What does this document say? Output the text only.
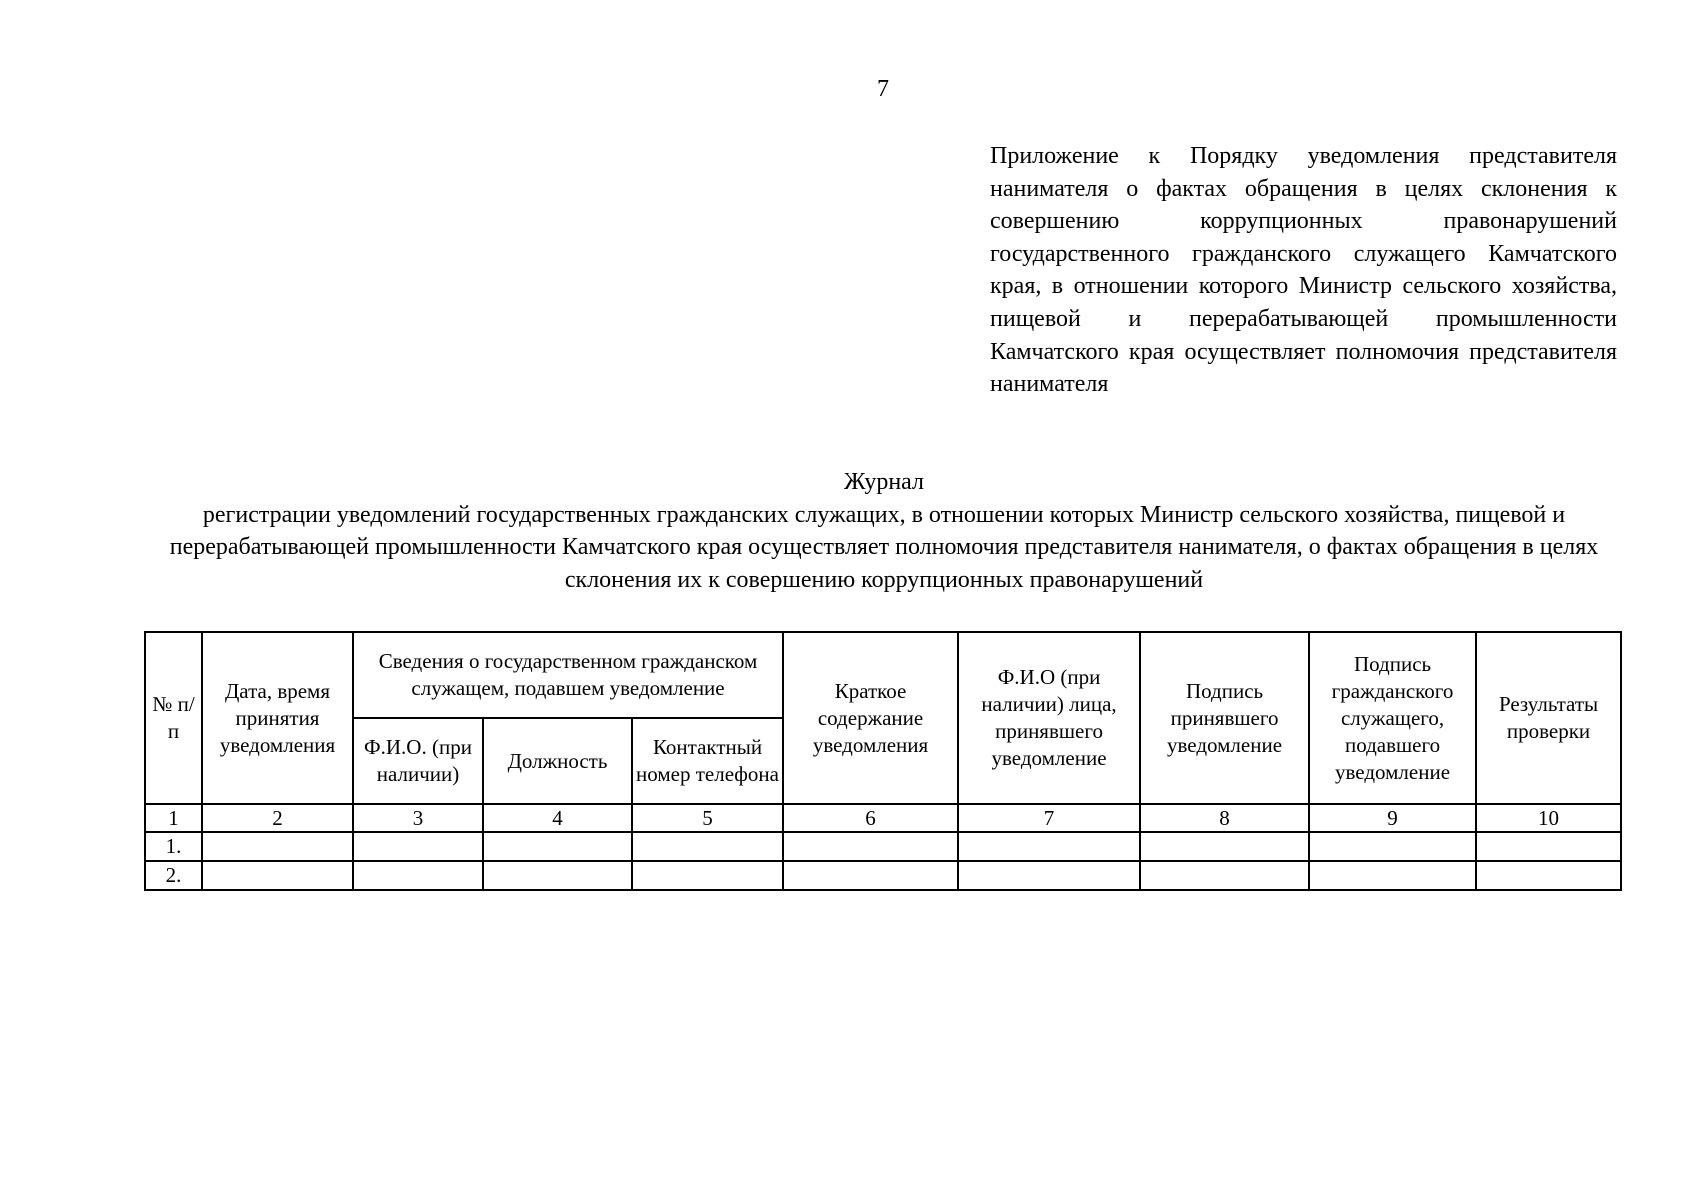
7
Приложение к Порядку уведомления представителя нанимателя о фактах обращения в целях склонения к совершению коррупционных правонарушений государственного гражданского служащего Камчатского края, в отношении которого Министр сельского хозяйства, пищевой и перерабатывающей промышленности Камчатского края осуществляет полномочия представителя нанимателя
Журнал
регистрации уведомлений государственных гражданских служащих, в отношении которых Министр сельского хозяйства, пищевой и перерабатывающей промышленности Камчатского края осуществляет полномочия представителя нанимателя, о фактах обращения в целях склонения их к совершению коррупционных правонарушений
№ п/п	Дата, время принятия уведомления	Сведения о государственном гражданском служащем, подавшем уведомление			Краткое содержание уведомления	Ф.И.О (при наличии) лица, принявшего уведомление	Подпись принявшего уведомление	Подпись гражданского служащего, подавшего уведомление	Результаты проверки
		Ф.И.О. (при наличии)	Должность	Контактный номер телефона					
1	2	3	4	5	6	7	8	9	10
1.									
2.									
